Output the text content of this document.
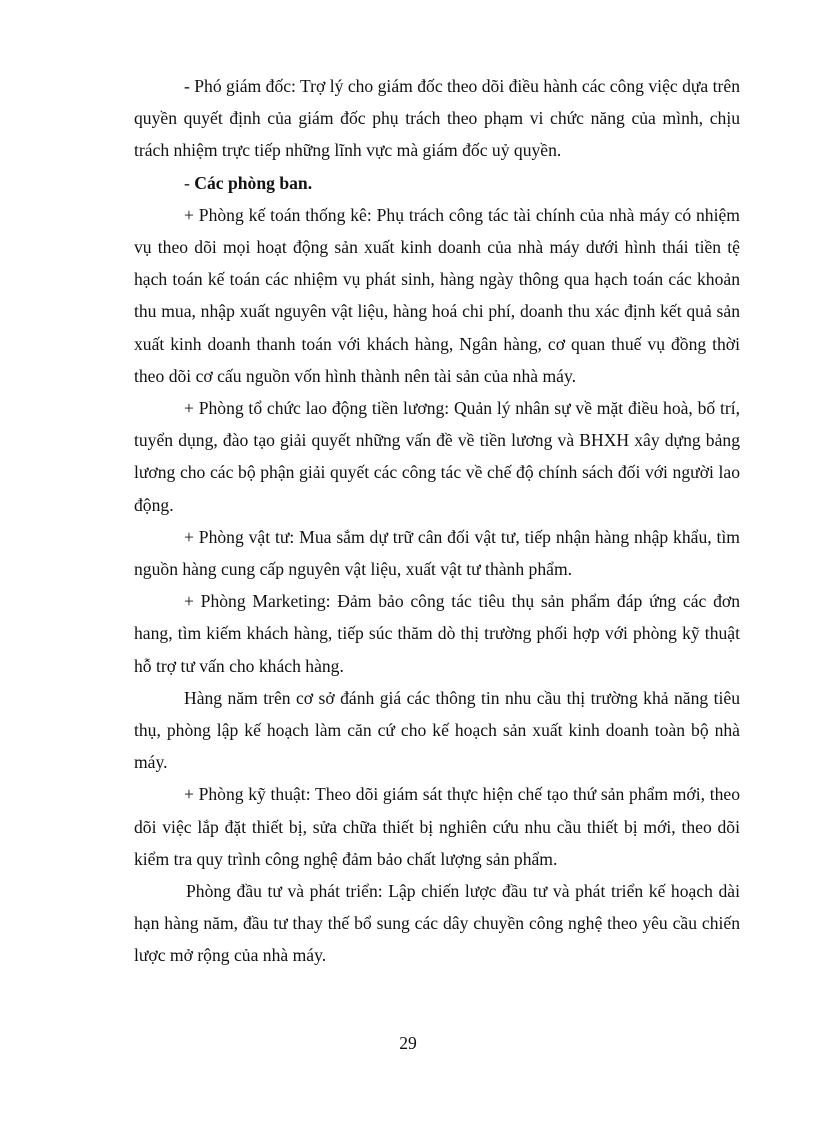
- Phó giám đốc: Trợ lý cho giám đốc theo dõi điều hành các công việc dựa trên quyền quyết định của giám đốc phụ trách theo phạm vi chức năng của mình, chịu trách nhiệm trực tiếp những lĩnh vực mà giám đốc uỷ quyền.

- Các phòng ban.

+ Phòng kế toán thống kê: Phụ trách công tác tài chính của nhà máy có nhiệm vụ theo dõi mọi hoạt động sản xuất kinh doanh của nhà máy dưới hình thái tiền tệ hạch toán kế toán các nhiệm vụ phát sinh, hàng ngày thông qua hạch toán các khoản thu mua, nhập xuất nguyên vật liệu, hàng hoá chi phí, doanh thu xác định kết quả sản xuất kinh doanh thanh toán với khách hàng, Ngân hàng, cơ quan thuế vụ đồng thời theo dõi cơ cấu nguồn vốn hình thành nên tài sản của nhà máy.

+ Phòng tổ chức lao động tiền lương: Quản lý nhân sự về mặt điều hoà, bố trí, tuyển dụng, đào tạo giải quyết những vấn đề về tiền lương và BHXH xây dựng bảng lương cho các bộ phận giải quyết các công tác về chế độ chính sách đối với người lao động.

+ Phòng vật tư: Mua sắm dự trữ cân đối vật tư, tiếp nhận hàng nhập khẩu, tìm nguồn hàng cung cấp nguyên vật liệu, xuất vật tư thành phẩm.

+ Phòng Marketing: Đảm bảo công tác tiêu thụ sản phẩm đáp ứng các đơn hang, tìm kiếm khách hàng, tiếp súc thăm dò thị trường phối hợp với phòng kỹ thuật hỗ trợ tư vấn cho khách hàng.

Hàng năm trên cơ sở đánh giá các thông tin nhu cầu thị trường khả năng tiêu thụ, phòng lập kế hoạch làm căn cứ cho kế hoạch sản xuất kinh doanh toàn bộ nhà máy.

+ Phòng kỹ thuật: Theo dõi giám sát thực hiện chế tạo thứ sản phẩm mới, theo dõi việc lắp đặt thiết bị, sửa chữa thiết bị nghiên cứu nhu cầu thiết bị mới, theo dõi kiểm tra quy trình công nghệ đảm bảo chất lượng sản phẩm.

Phòng đầu tư và phát triển: Lập chiến lược đầu tư và phát triển kế hoạch dài hạn hàng năm, đầu tư thay thế bổ sung các dây chuyền công nghệ theo yêu cầu chiến lược mở rộng của nhà máy.

29
